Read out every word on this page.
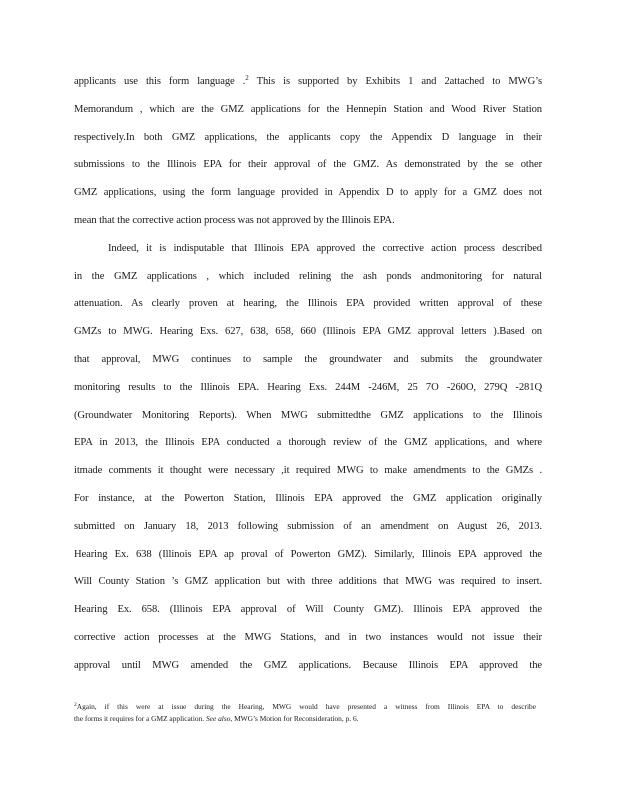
applicants use this form language .$^2$ This is supported by Exhibits 1 and 2attached to MWG’s
Memorandum , which are the GMZ applications for the Hennepin Station and Wood River Station
respectively.In both GMZ applications, the applicants copy the Appendix D language in their
submissions to the Illinois EPA for their approval of the GMZ. As demonstrated by the se other
GMZ applications, using the form language provided in Appendix D to apply for a GMZ does not
mean that the corrective action process was not approved by the Illinois EPA.
Indeed, it is indisputable that Illinois EPA approved the corrective action process described
in the GMZ applications , which included relining the ash ponds andmonitoring for natural
attenuation. As clearly proven at hearing, the Illinois EPA provided written approval of these
GMZs to MWG. Hearing Exs. 627, 638, 658, 660 (Illinois EPA GMZ approval letters ).Based on
that approval, MWG continues to sample the groundwater and submits the groundwater
monitoring results to the Illinois EPA. Hearing Exs. 244M -246M, 25 7O -260O, 279Q -281Q
(Groundwater Monitoring Reports). When MWG submittedthe GMZ applications to the Illinois
EPA in 2013, the Illinois EPA conducted a thorough review of the GMZ applications, and where
itmade comments it thought were necessary ,it required MWG to make amendments to the GMZs .
For instance, at the Powerton Station, Illinois EPA approved the GMZ application originally
submitted on January 18, 2013 following submission of an amendment on August 26, 2013.
Hearing Ex. 638 (Illinois EPA ap proval of Powerton GMZ). Similarly, Illinois EPA approved the
Will County Station ’s GMZ application but with three additions that MWG was required to insert.
Hearing Ex. 658. (Illinois EPA approval of Will County GMZ). Illinois EPA approved the
corrective action processes at the MWG Stations, and in two instances would not issue their
approval until MWG amended the GMZ applications. Because Illinois EPA approved the
$^2$Again, if this were at issue during the Hearing, MWG would have presented a witness from Illinois EPA to describe
the forms it requires for a GMZ application. See also, MWG’s Motion for Reconsideration, p. 6.
